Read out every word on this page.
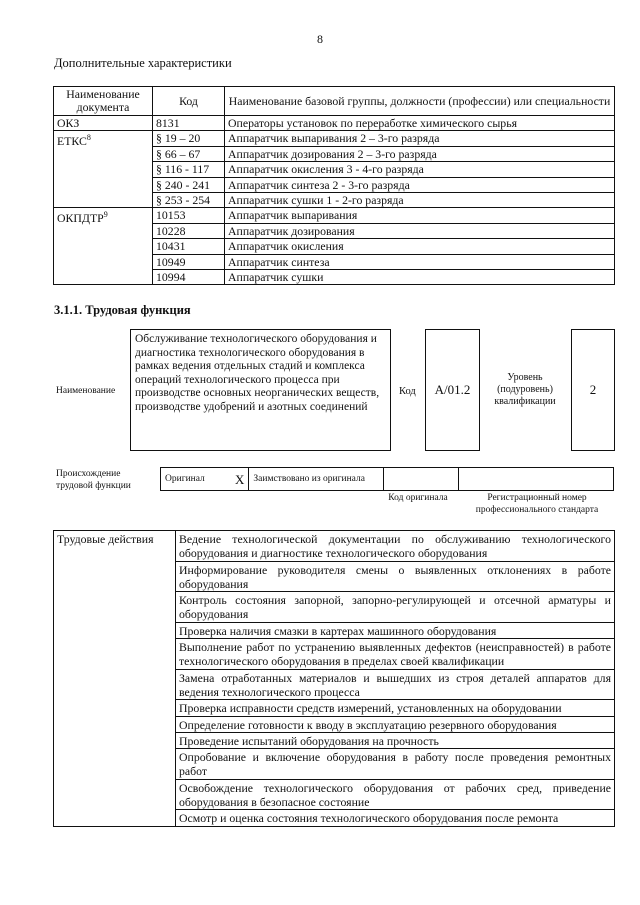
8
Дополнительные характеристики
Наименование документа	Код	Наименование базовой группы, должности (профессии) или специальности
ОКЗ	8131	Операторы установок по переработке химического сырья
ЕТКС$^8$	§ 19 – 20	Аппаратчик выпаривания 2 – 3-го разряда
	§ 66 – 67	Аппаратчик дозирования 2 – 3-го разряда
	§ 116 - 117	Аппаратчик окисления 3 - 4-го разряда
	§ 240 - 241	Аппаратчик синтеза 2 - 3-го разряда
	§ 253 - 254	Аппаратчик сушки 1 - 2-го разряда
ОКПДТР$^9$	10153	Аппаратчик выпаривания
	10228	Аппаратчик дозирования
	10431	Аппаратчик окисления
	10949	Аппаратчик синтеза
	10994	Аппаратчик сушки
3.1.1. Трудовая функция
Наименование
Обслуживание технологического оборудования и диагностика технологического оборудования в рамках ведения отдельных стадий и комплекса операций технологического процесса при производстве основных неорганических веществ, производстве удобрений и азотных соединений
Код	A/01.2
Уровень (подуровень) квалификации
2
Происхождение трудовой функции
Оригинал	X	Заимствовано из оригинала		
Код оригинала	Регистрационный номер профессионального стандарта
Трудовые действия	Ведение технологической документации по обслуживанию технологического оборудования и диагностике технологического оборудования
Информирование руководителя смены о выявленных отклонениях в работе оборудования
Контроль состояния запорной, запорно-регулирующей и отсечной арматуры и оборудования
Проверка наличия смазки в картерах машинного оборудования
Выполнение работ по устранению выявленных дефектов (неисправностей) в работе технологического оборудования в пределах своей квалификации
Замена отработанных материалов и вышедших из строя деталей аппаратов для ведения технологического процесса
Проверка исправности средств измерений, установленных на оборудовании
Определение готовности к вводу в эксплуатацию резервного оборудования
Проведение испытаний оборудования на прочность
Опробование и включение оборудования в работу после проведения ремонтных работ
Освобождение технологического оборудования от рабочих сред, приведение оборудования в безопасное состояние
Осмотр и оценка состояния технологического оборудования после ремонта
